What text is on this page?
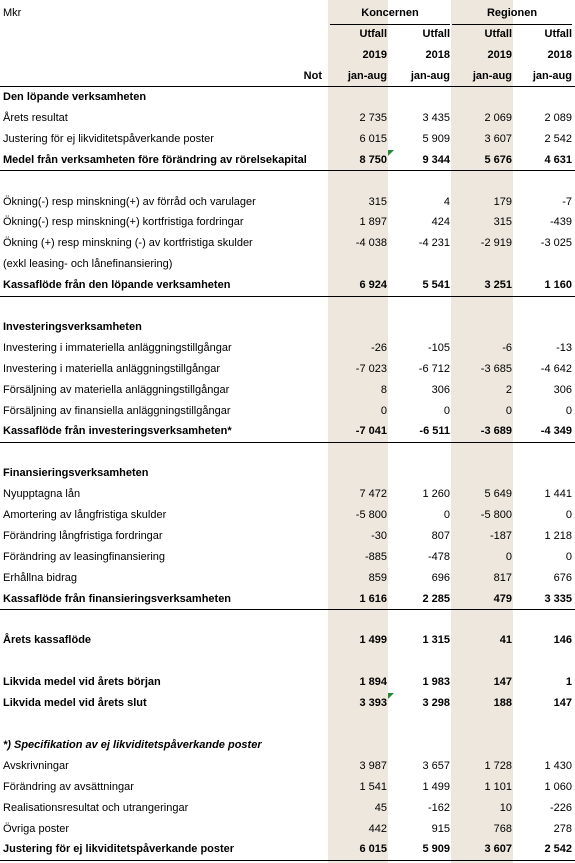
Mkr	Koncernen	Regionen
Utfall	Utfall	Utfall	Utfall
2019	2018	2019	2018
Not	jan-aug	jan-aug	jan-aug	jan-aug
Den löpande verksamheten
Årets resultat	2 735	3 435	2 069	2 089
Justering för ej likviditetspåverkande poster	6 015	5 909	3 607	2 542
Medel från verksamheten före förändring av rörelsekapital	8 750	9 344	5 676	4 631
Ökning(-) resp minskning(+) av förråd och varulager	315	4	179	-7
Ökning(-) resp minskning(+) kortfristiga fordringar	1 897	424	315	-439
Ökning (+) resp minskning (-) av kortfristiga skulder	-4 038	-4 231	-2 919	-3 025
(exkl leasing- och lånefinansiering)
Kassaflöde från den löpande verksamheten	6 924	5 541	3 251	1 160
Investeringsverksamheten
Investering i immateriella anläggningstillgångar	-26	-105	-6	-13
Investering i materiella anläggningstillgångar	-7 023	-6 712	-3 685	-4 642
Försäljning av materiella anläggningstillgångar	8	306	2	306
Försäljning av finansiella anläggningstillgångar	0	0	0	0
Kassaflöde från investeringsverksamheten*	-7 041	-6 511	-3 689	-4 349
Finansieringsverksamheten
Nyupptagna lån	7 472	1 260	5 649	1 441
Amortering av långfristiga skulder	-5 800	0	-5 800	0
Förändring långfristiga fordringar	-30	807	-187	1 218
Förändring av leasingfinansiering	-885	-478	0	0
Erhållna bidrag	859	696	817	676
Kassaflöde från finansieringsverksamheten	1 616	2 285	479	3 335
Årets kassaflöde	1 499	1 315	41	146
Likvida medel vid årets början	1 894	1 983	147	1
Likvida medel vid årets slut	3 393	3 298	188	147
*) Specifikation av ej likviditetspåverkande poster
Avskrivningar	3 987	3 657	1 728	1 430
Förändring av avsättningar	1 541	1 499	1 101	1 060
Realisationsresultat och utrangeringar	45	-162	10	-226
Övriga poster	442	915	768	278
Justering för ej likviditetspåverkande poster	6 015	5 909	3 607	2 542
